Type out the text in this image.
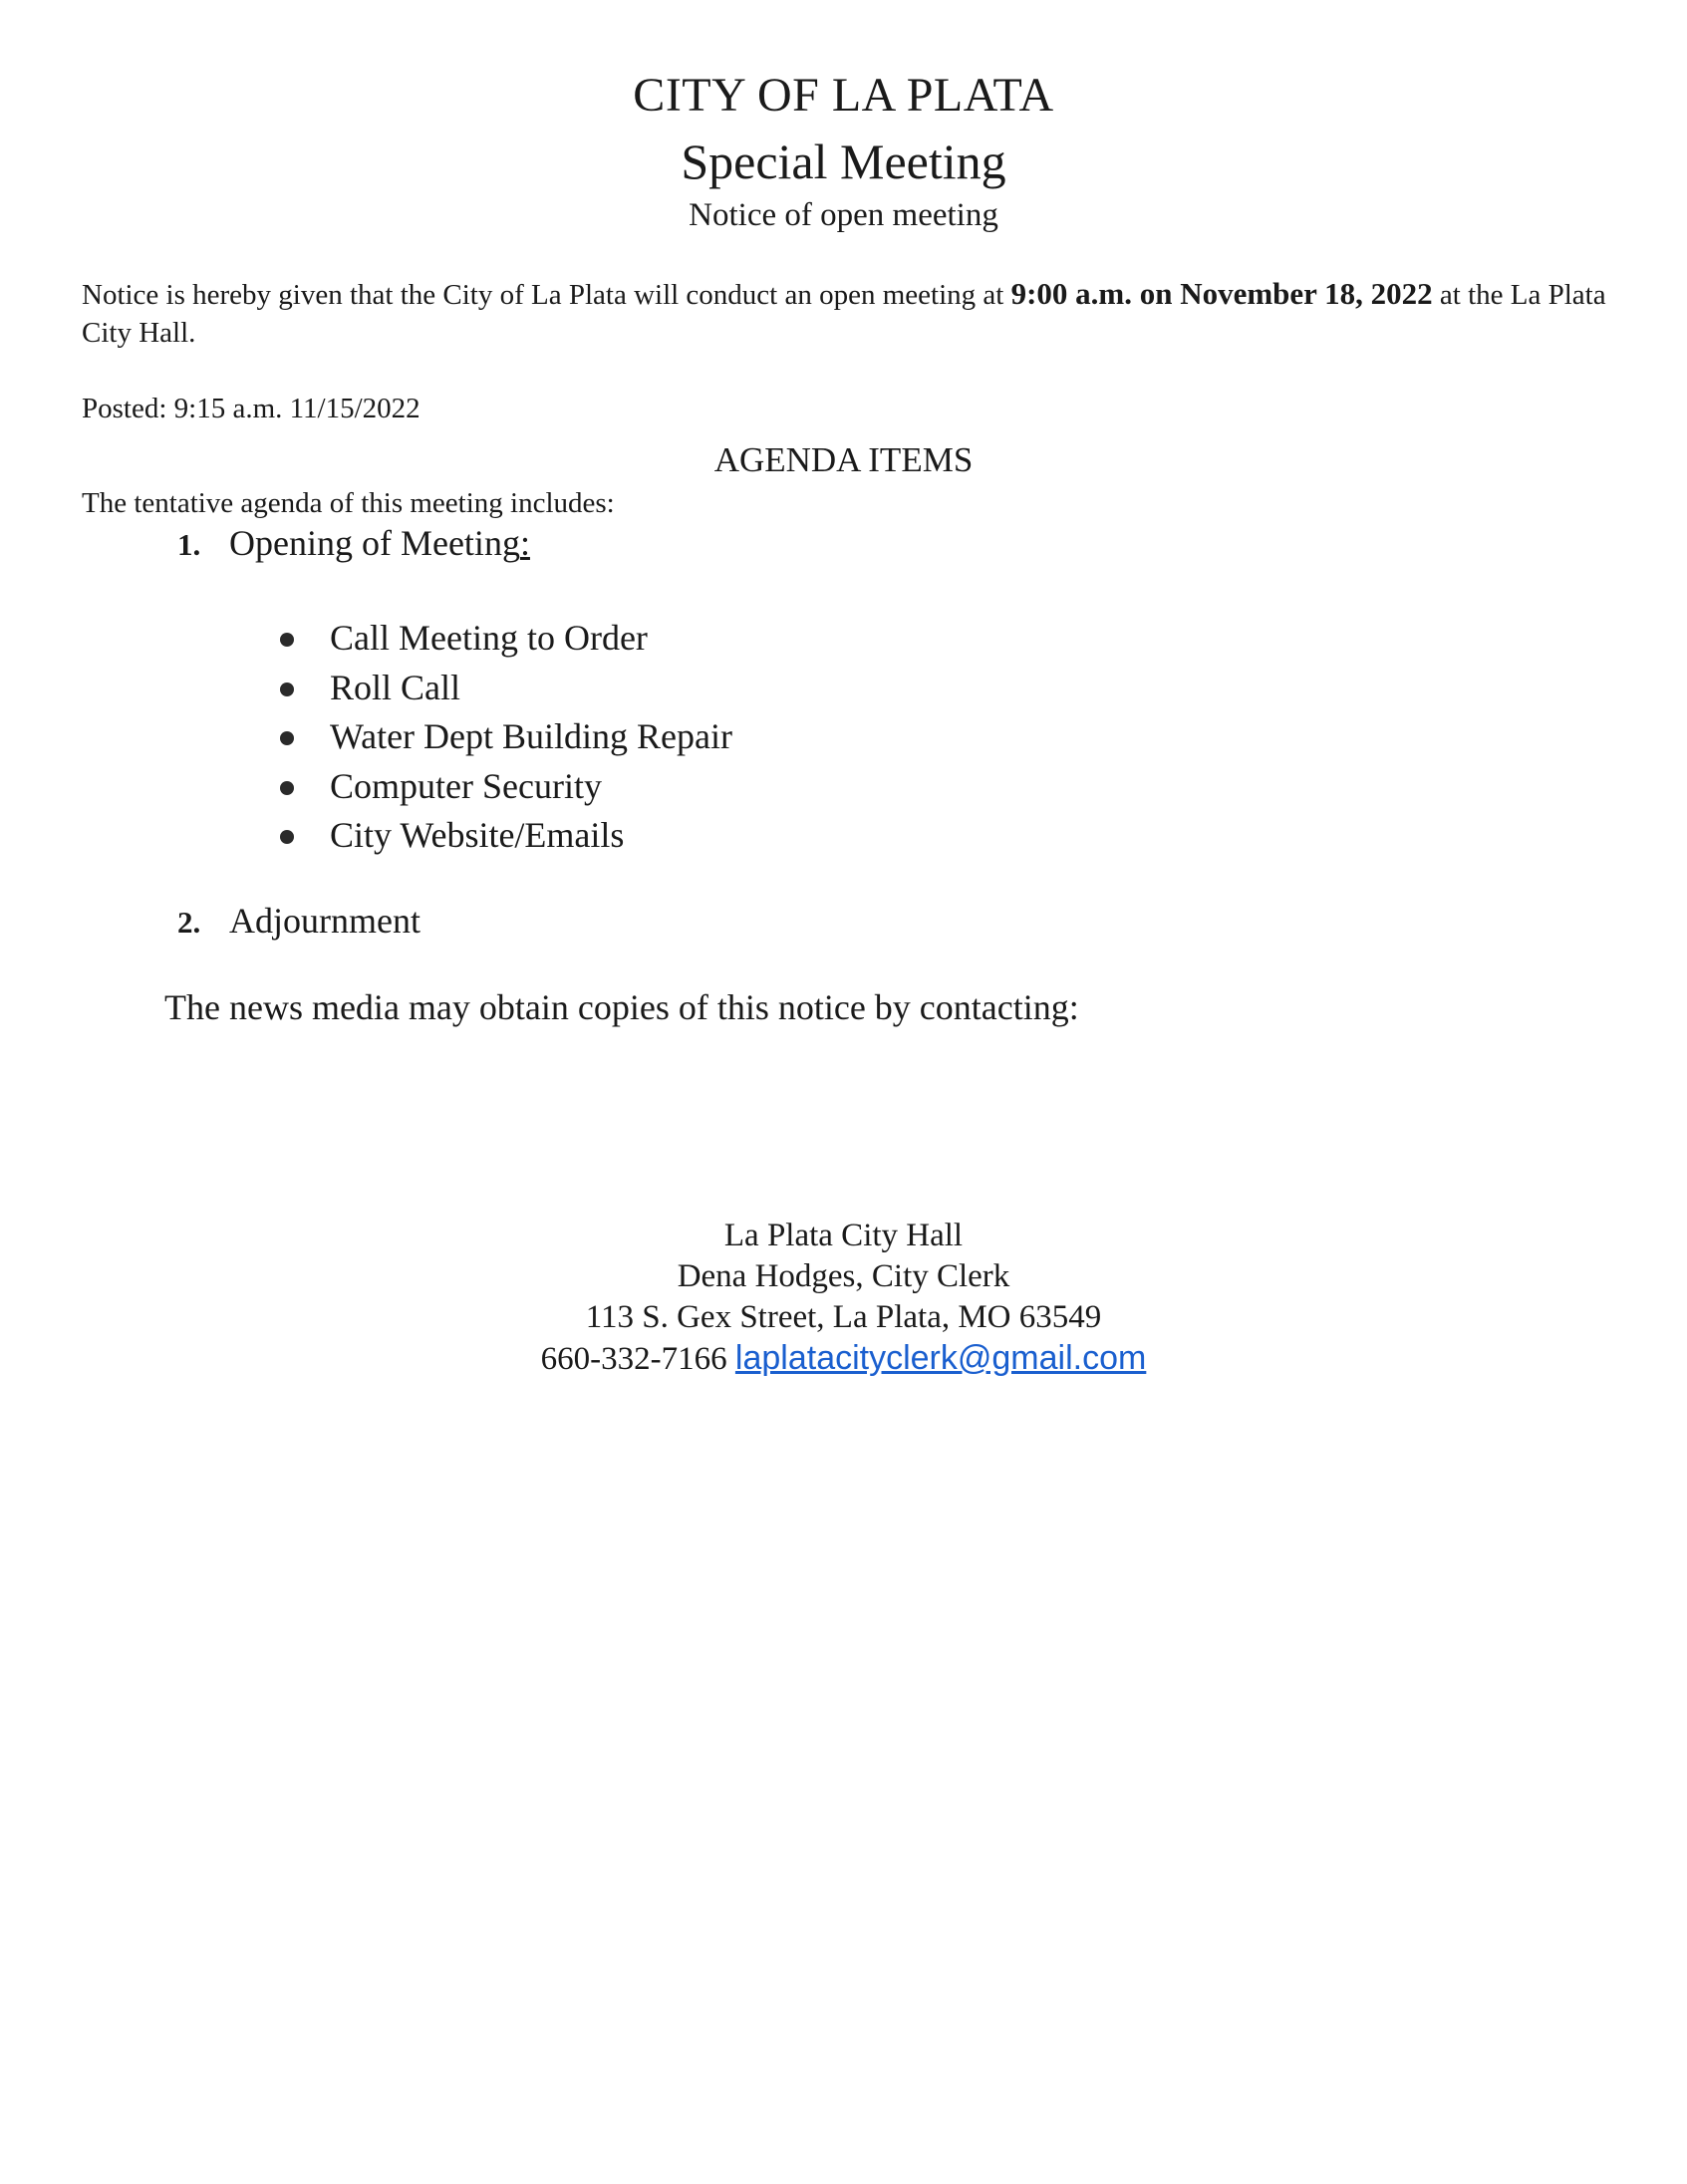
CITY OF LA PLATA
Special Meeting
Notice of open meeting
Notice is hereby given that the City of La Plata will conduct an open meeting at 9:00 a.m. on November 18, 2022 at the La Plata City Hall.
Posted: 9:15 a.m. 11/15/2022
AGENDA ITEMS
The tentative agenda of this meeting includes:
1. Opening of Meeting:
Call Meeting to Order
Roll Call
Water Dept Building Repair
Computer Security
City Website/Emails
2. Adjournment
The news media may obtain copies of this notice by contacting:
La Plata City Hall
Dena Hodges, City Clerk
113 S. Gex Street, La Plata, MO 63549
660-332-7166 laplatacityclerk@gmail.com
